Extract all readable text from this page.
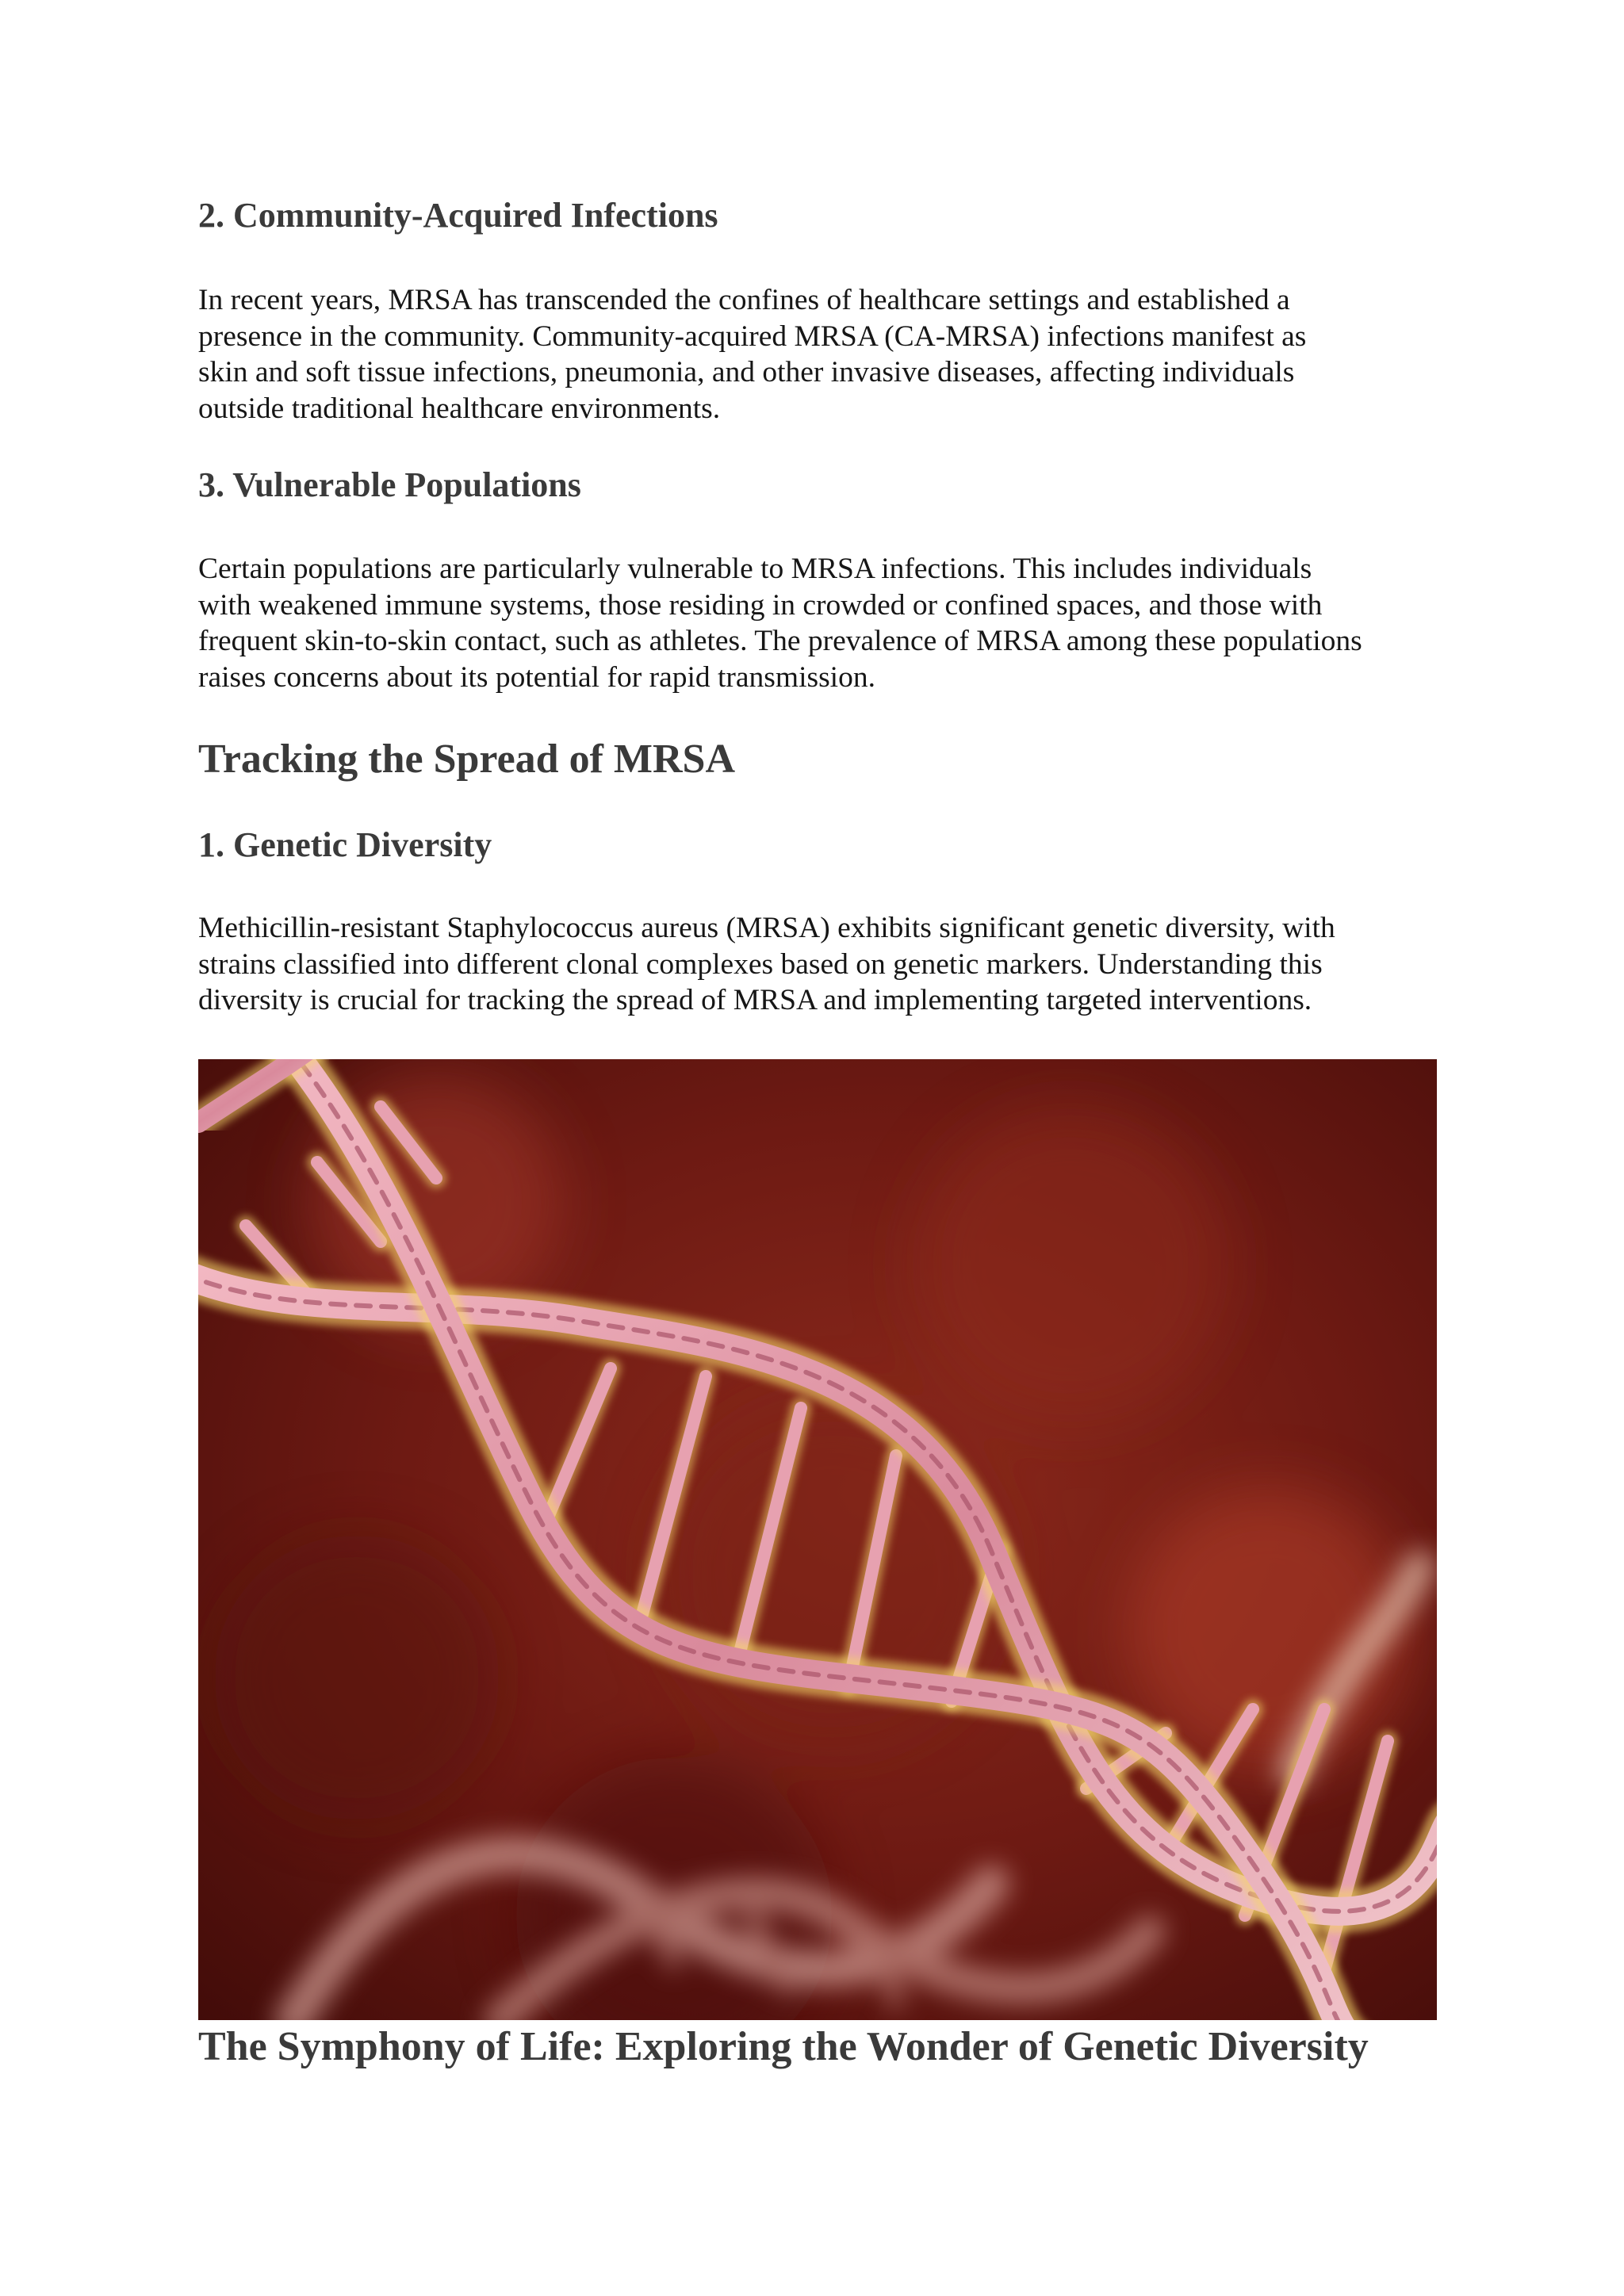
2. Community-Acquired Infections
In recent years, MRSA has transcended the confines of healthcare settings and established a
presence in the community. Community-acquired MRSA (CA-MRSA) infections manifest as
skin and soft tissue infections, pneumonia, and other invasive diseases, affecting individuals
outside traditional healthcare environments.
3. Vulnerable Populations
Certain populations are particularly vulnerable to MRSA infections. This includes individuals
with weakened immune systems, those residing in crowded or confined spaces, and those with
frequent skin-to-skin contact, such as athletes. The prevalence of MRSA among these populations
raises concerns about its potential for rapid transmission.
Tracking the Spread of MRSA
1. Genetic Diversity
Methicillin-resistant Staphylococcus aureus (MRSA) exhibits significant genetic diversity, with
strains classified into different clonal complexes based on genetic markers. Understanding this
diversity is crucial for tracking the spread of MRSA and implementing targeted interventions.
The Symphony of Life: Exploring the Wonder of Genetic Diversity
